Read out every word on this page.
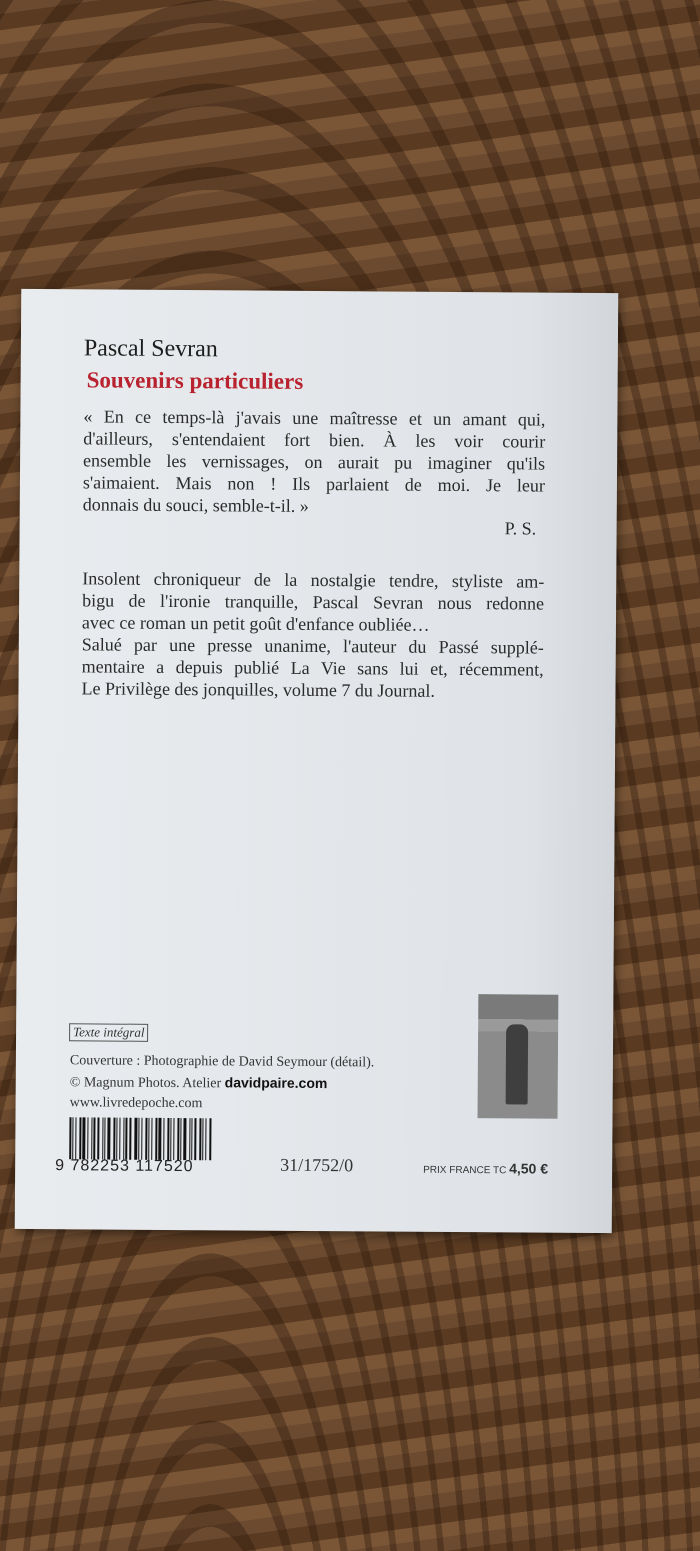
Pascal Sevran
Souvenirs particuliers
« En ce temps-là j'avais une maîtresse et un amant qui,
d'ailleurs, s'entendaient fort bien. À les voir courir
ensemble les vernissages, on aurait pu imaginer qu'ils
s'aimaient. Mais non ! Ils parlaient de moi. Je leur
donnais du souci, semble-t-il. »
P. S.
Insolent chroniqueur de la nostalgie tendre, styliste am-
bigu de l'ironie tranquille, Pascal Sevran nous redonne
avec ce roman un petit goût d'enfance oubliée…
Salué par une presse unanime, l'auteur du Passé supplé-
mentaire a depuis publié La Vie sans lui et, récemment,
Le Privilège des jonquilles, volume 7 du Journal.
Texte intégral
Couverture : Photographie de David Seymour (détail).
© Magnum Photos. Atelier davidpaire.com
www.livredepoche.com
9 782253 117520	31/1752/0	PRIX FRANCE TC 4,50 €
